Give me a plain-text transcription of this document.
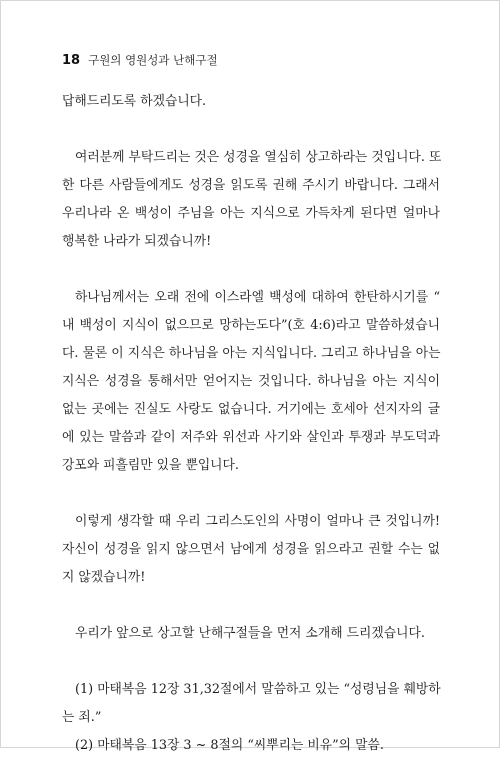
18 구원의 영원성과 난해구절
답해드리도록 하겠습니다.
여러분께 부탁드리는 것은 성경을 열심히 상고하라는 것입니다. 또
한 다른 사람들에게도 성경을 읽도록 권해 주시기 바랍니다. 그래서
우리나라 온 백성이 주님을 아는 지식으로 가득차게 된다면 얼마나
행복한 나라가 되겠습니까!
하나님께서는 오래 전에 이스라엘 백성에 대하여 한탄하시기를 “
내 백성이 지식이 없으므로 망하는도다”(호 4:6)라고 말씀하셨습니
다. 물론 이 지식은 하나님을 아는 지식입니다. 그리고 하나님을 아는
지식은 성경을 통해서만 얻어지는 것입니다. 하나님을 아는 지식이
없는 곳에는 진실도 사랑도 없습니다. 거기에는 호세아 선지자의 글
에 있는 말씀과 같이 저주와 위선과 사기와 살인과 투쟁과 부도덕과
강포와 피흘림만 있을 뿐입니다.
이렇게 생각할 때 우리 그리스도인의 사명이 얼마나 큰 것입니까!
자신이 성경을 읽지 않으면서 남에게 성경을 읽으라고 권할 수는 없
지 않겠습니까!
우리가 앞으로 상고할 난해구절들을 먼저 소개해 드리겠습니다.
(1) 마태복음 12장 31,32절에서 말씀하고 있는 “성령님을 훼방하
는 죄.”
(2) 마태복음 13장 3 ~ 8절의 “씨뿌리는 비유”의 말씀.
